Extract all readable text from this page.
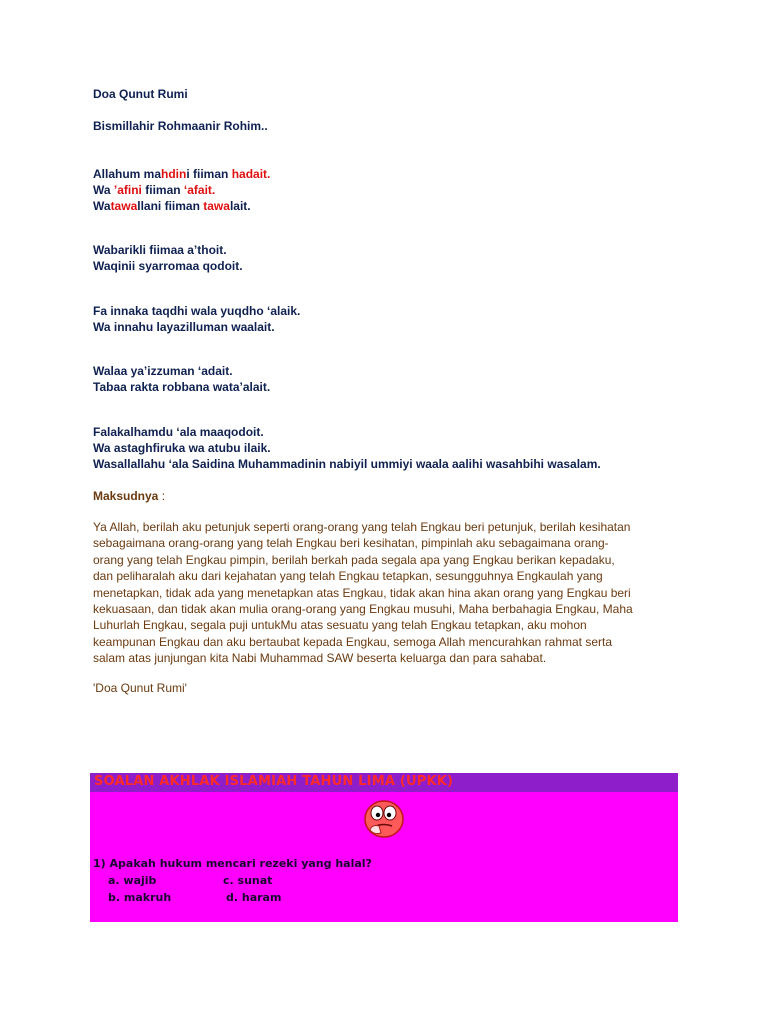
Doa Qunut Rumi
Bismillahir Rohmaanir Rohim..
Allahum mahdini fiiman hadait.
Wa ’afini fiiman ‘afait.
Watawallani fiiman tawalait.
Wabarikli fiimaa a’thoit.
Waqinii syarromaa qodoit.
Fa innaka taqdhi wala yuqdho ‘alaik.
Wa innahu layazilluman waalait.
Walaa ya’izzuman ‘adait.
Tabaa rakta robbana wata’alait.
Falakalhamdu ‘ala maaqodoit.
Wa astaghfiruka wa atubu ilaik.
Wasallallahu ‘ala Saidina Muhammadinin nabiyil ummiyi waala aalihi wasahbihi wasalam.
Maksudnya :
Ya Allah, berilah aku petunjuk seperti orang-orang yang telah Engkau beri petunjuk, berilah kesihatan
sebagaimana orang-orang yang telah Engkau beri kesihatan, pimpinlah aku sebagaimana orang-
orang yang telah Engkau pimpin, berilah berkah pada segala apa yang Engkau berikan kepadaku,
dan peliharalah aku dari kejahatan yang telah Engkau tetapkan, sesungguhnya Engkaulah yang
menetapkan, tidak ada yang menetapkan atas Engkau, tidak akan hina akan orang yang Engkau beri
kekuasaan, dan tidak akan mulia orang-orang yang Engkau musuhi, Maha berbahagia Engkau, Maha
Luhurlah Engkau, segala puji untukMu atas sesuatu yang telah Engkau tetapkan, aku mohon
keampunan Engkau dan aku bertaubat kepada Engkau, semoga Allah mencurahkan rahmat serta
salam atas junjungan kita Nabi Muhammad SAW beserta keluarga dan para sahabat.
'Doa Qunut Rumi'
SOALAN AKHLAK ISLAMIAH TAHUN LIMA (UPKK)
1) Apakah hukum mencari rezeki yang halal?
a. wajib	c. sunat
b. makruh	d. haram
